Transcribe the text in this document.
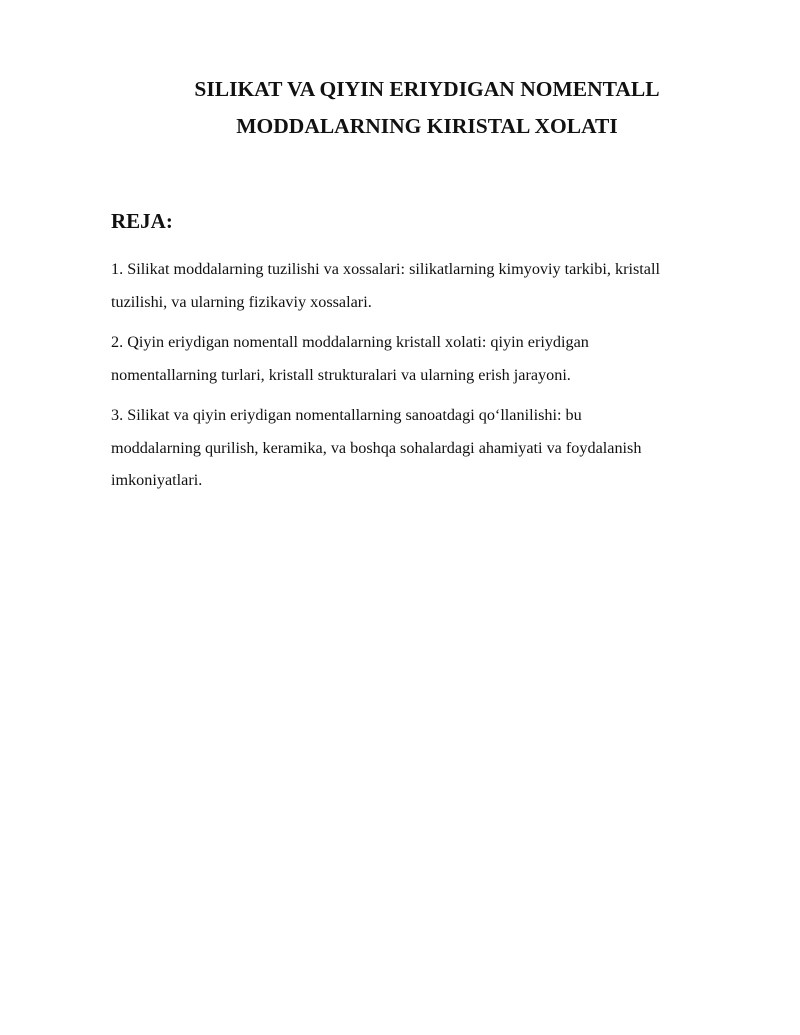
SILIKAT VA QIYIN ERIYDIGAN NOMENTALL
MODDALARNING KIRISTAL XOLATI
REJA:
1. Silikat moddalarning tuzilishi va xossalari: silikatlarning kimyoviy tarkibi, kristall
tuzilishi, va ularning fizikaviy xossalari.
2. Qiyin eriydigan nomentall moddalarning kristall xolati: qiyin eriydigan
nomentallarning turlari, kristall strukturalari va ularning erish jarayoni.
3. Silikat va qiyin eriydigan nomentallarning sanoatdagi qo‘llanilishi: bu
moddalarning qurilish, keramika, va boshqa sohalardagi ahamiyati va foydalanish
imkoniyatlari.
